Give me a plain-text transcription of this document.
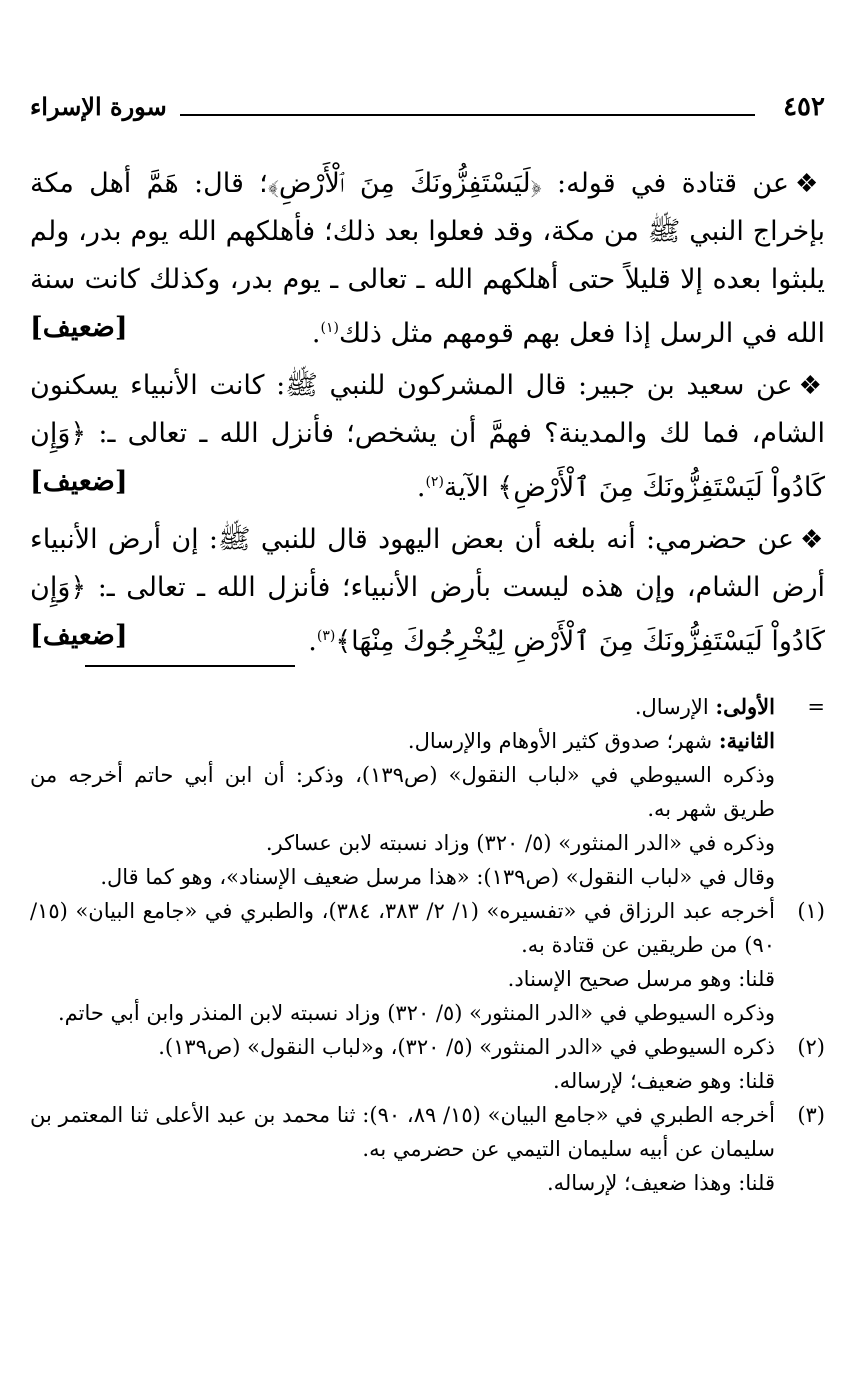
٤٥٢
سورة الإسراء

❖عن قتادة في قوله: ﴿لَيَسْتَفِزُّونَكَ مِنَ ٱلْأَرْضِ﴾؛ قال: هَمَّ أهل مكة بإخراج النبي ﷺ من مكة، وقد فعلوا بعد ذلك؛ فأهلكهم الله يوم بدر، ولم يلبثوا بعده إلا قليلاً حتى أهلكهم الله ـ تعالى ـ يوم بدر، وكذلك كانت سنة الله في الرسل إذا فعل بهم قومهم مثل ذلك$^{(١)}$.
[ضعيف]

❖عن سعيد بن جبير: قال المشركون للنبي ﷺ: كانت الأنبياء يسكنون الشام، فما لك والمدينة؟ فهمَّ أن يشخص؛ فأنزل الله ـ تعالى ـ: ﴿وَإِن كَادُواْ لَيَسْتَفِزُّونَكَ مِنَ ٱلْأَرْضِ﴾ الآية$^{(٢)}$.
[ضعيف]

❖عن حضرمي: أنه بلغه أن بعض اليهود قال للنبي ﷺ: إن أرض الأنبياء أرض الشام، وإن هذه ليست بأرض الأنبياء؛ فأنزل الله ـ تعالى ـ: ﴿وَإِن كَادُواْ لَيَسْتَفِزُّونَكَ مِنَ ٱلْأَرْضِ لِيُخْرِجُوكَ مِنْهَا﴾$^{(٣)}$.
[ضعيف]

=

الأولى: الإرسال.

الثانية: شهر؛ صدوق كثير الأوهام والإرسال.

وذكره السيوطي في «لباب النقول» (ص١٣٩)، وذكر: أن ابن أبي حاتم أخرجه من طريق شهر به.

وذكره في «الدر المنثور» (٥/ ٣٢٠) وزاد نسبته لابن عساكر.

وقال في «لباب النقول» (ص١٣٩): «هذا مرسل ضعيف الإسناد»، وهو كما قال.

(١)

أخرجه عبد الرزاق في «تفسيره» (١/ ٢/ ٣٨٣، ٣٨٤)، والطبري في «جامع البيان» (١٥/ ٩٠) من طريقين عن قتادة به.

قلنا: وهو مرسل صحيح الإسناد.

وذكره السيوطي في «الدر المنثور» (٥/ ٣٢٠) وزاد نسبته لابن المنذر وابن أبي حاتم.

(٢)

ذكره السيوطي في «الدر المنثور» (٥/ ٣٢٠)، و«لباب النقول» (ص١٣٩).

قلنا: وهو ضعيف؛ لإرساله.

(٣)

أخرجه الطبري في «جامع البيان» (١٥/ ٨٩، ٩٠): ثنا محمد بن عبد الأعلى ثنا المعتمر بن سليمان عن أبيه سليمان التيمي عن حضرمي به.

قلنا: وهذا ضعيف؛ لإرساله.
